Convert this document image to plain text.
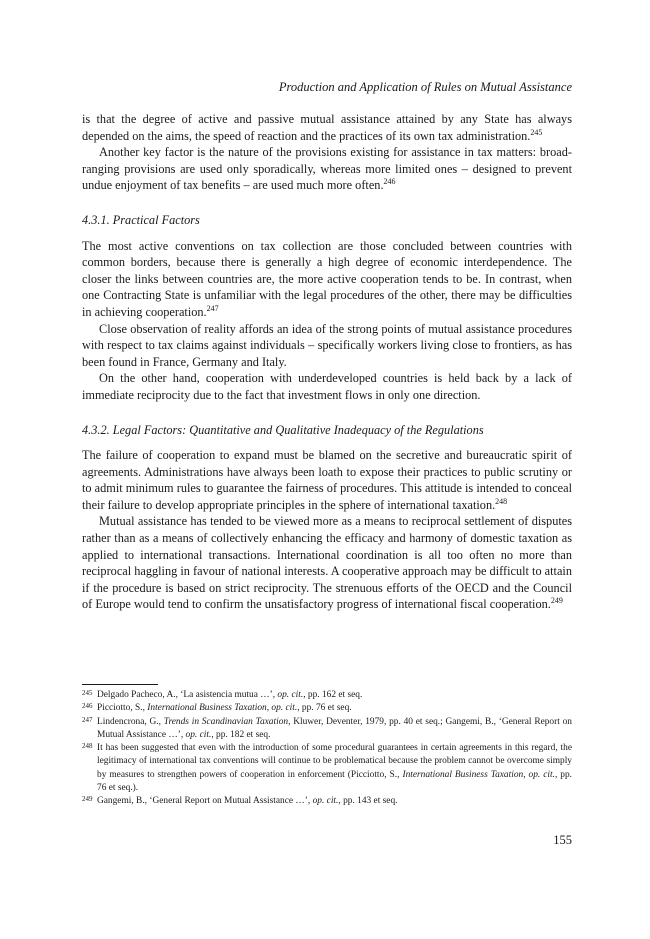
Production and Application of Rules on Mutual Assistance

is that the degree of active and passive mutual assistance attained by any State has always depended on the aims, the speed of reaction and the practices of its own tax administration.$^{245}$

Another key factor is the nature of the provisions existing for assistance in tax matters: broad-ranging provisions are used only sporadically, whereas more limited ones – designed to prevent undue enjoyment of tax benefits – are used much more often.$^{246}$

4.3.1. Practical Factors

The most active conventions on tax collection are those concluded between countries with common borders, because there is generally a high degree of economic interdependence. The closer the links between countries are, the more active cooperation tends to be. In contrast, when one Contracting State is unfamiliar with the legal procedures of the other, there may be difficulties in achieving cooperation.$^{247}$

Close observation of reality affords an idea of the strong points of mutual assistance procedures with respect to tax claims against individuals – specifically workers living close to frontiers, as has been found in France, Germany and Italy.

On the other hand, cooperation with underdeveloped countries is held back by a lack of immediate reciprocity due to the fact that investment flows in only one direction.

4.3.2. Legal Factors: Quantitative and Qualitative Inadequacy of the Regulations

The failure of cooperation to expand must be blamed on the secretive and bureaucratic spirit of agreements. Administrations have always been loath to expose their practices to public scrutiny or to admit minimum rules to guarantee the fairness of procedures. This attitude is intended to conceal their failure to develop appropriate principles in the sphere of international taxation.$^{248}$

Mutual assistance has tended to be viewed more as a means to reciprocal settlement of disputes rather than as a means of collectively enhancing the efficacy and harmony of domestic taxation as applied to international transactions. International coordination is all too often no more than reciprocal haggling in favour of national interests. A cooperative approach may be difficult to attain if the procedure is based on strict reciprocity. The strenuous efforts of the OECD and the Council of Europe would tend to confirm the unsatisfactory progress of international fiscal cooperation.$^{249}$

245 Delgado Pacheco, A., ‘La asistencia mutua …’, op. cit., pp. 162 et seq.
246 Picciotto, S., International Business Taxation, op. cit., pp. 76 et seq.
247 Lindencrona, G., Trends in Scandinavian Taxation, Kluwer, Deventer, 1979, pp. 40 et seq.; Gangemi, B., ‘General Report on Mutual Assistance …’, op. cit., pp. 182 et seq.
248 It has been suggested that even with the introduction of some procedural guarantees in certain agreements in this regard, the legitimacy of international tax conventions will continue to be problematical because the problem cannot be overcome simply by measures to strengthen powers of cooperation in enforcement (Picciotto, S., International Business Taxation, op. cit., pp. 76 et seq.).
249 Gangemi, B., ‘General Report on Mutual Assistance …’, op. cit., pp. 143 et seq.
155
